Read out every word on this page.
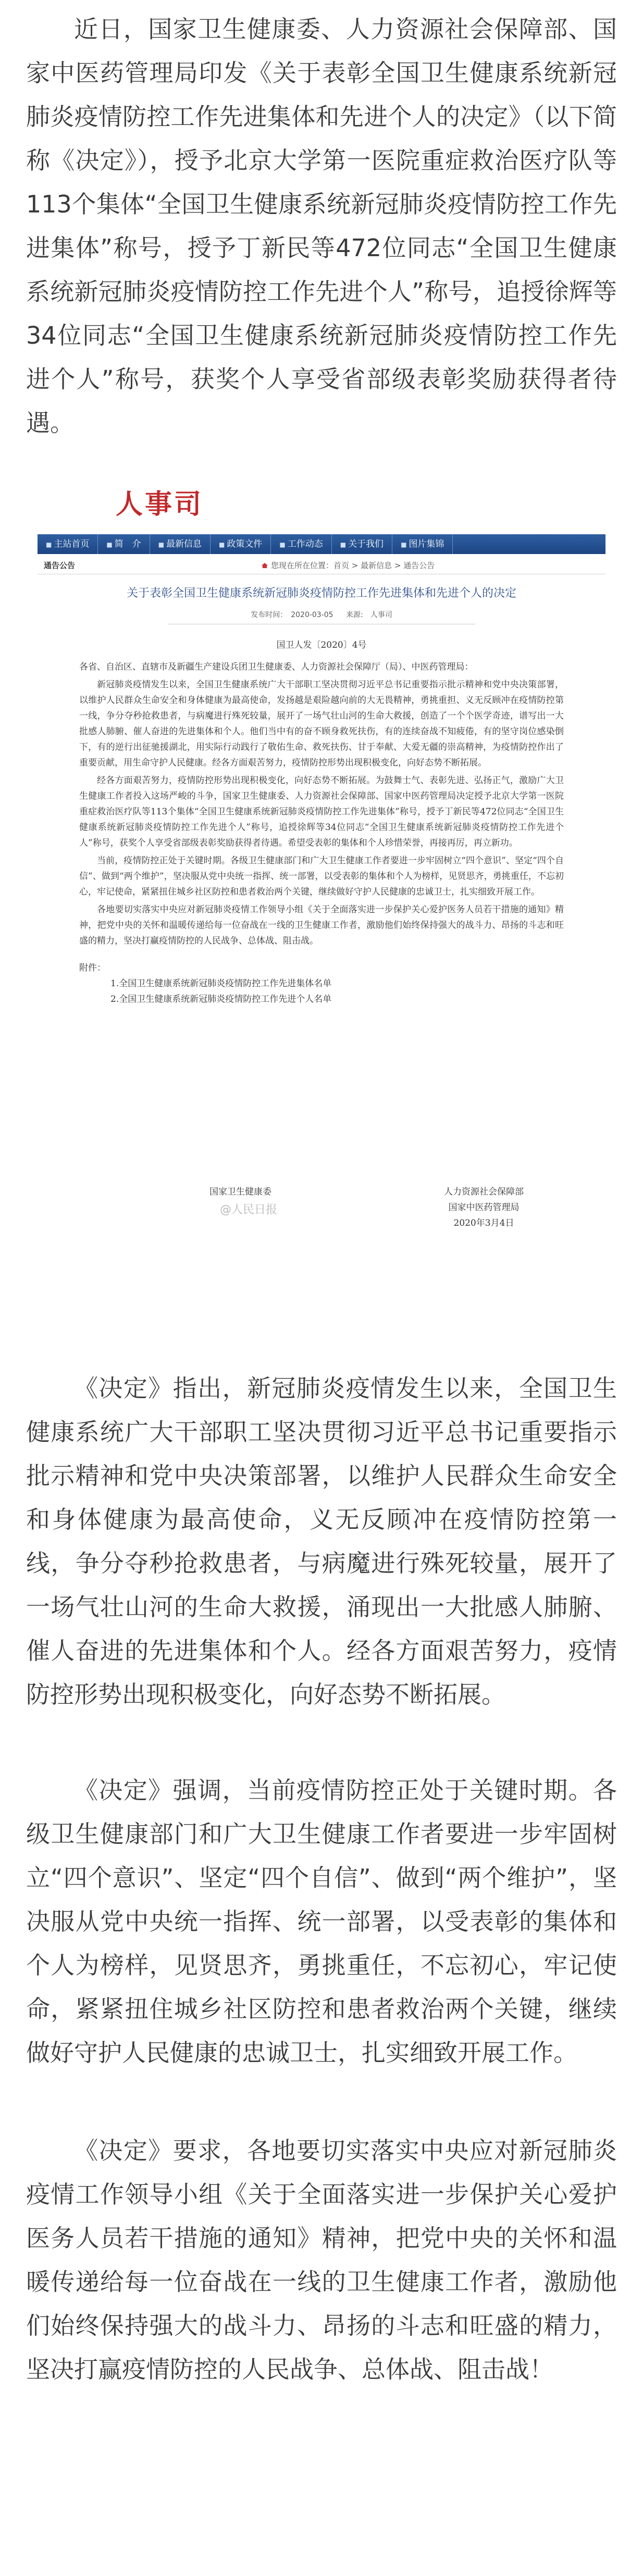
近日，国家卫生健康委、人力资源社会保障部、国家中医药管理局印发《关于表彰全国卫生健康系统新冠肺炎疫情防控工作先进集体和先进个人的决定》（以下简称《决定》），授予北京大学第一医院重症救治医疗队等113个集体“全国卫生健康系统新冠肺炎疫情防控工作先进集体”称号，授予丁新民等472位同志“全国卫生健康系统新冠肺炎疫情防控工作先进个人”称号，追授徐辉等34位同志“全国卫生健康系统新冠肺炎疫情防控工作先进个人”称号，获奖个人享受省部级表彰奖励获得者待遇。

人事司
■ 主站首页	■ 简　介	■ 最新信息	■ 政策文件	■ 工作动态	■ 关于我们	■ 图片集锦
通告公告	您现在所在位置：首页 > 最新信息 > 通告公告
关于表彰全国卫生健康系统新冠肺炎疫情防控工作先进集体和先进个人的决定
发布时间：　2020-03-05 来源:　人事司
国卫人发〔2020〕4号

各省、自治区、直辖市及新疆生产建设兵团卫生健康委、人力资源社会保障厅（局）、中医药管理局：

新冠肺炎疫情发生以来，全国卫生健康系统广大干部职工坚决贯彻习近平总书记重要指示批示精神和党中央决策部署，以维护人民群众生命安全和身体健康为最高使命，发扬越是艰险越向前的大无畏精神，勇挑重担、义无反顾冲在疫情防控第一线，争分夺秒抢救患者，与病魔进行殊死较量，展开了一场气壮山河的生命大救援，创造了一个个医学奇迹，谱写出一大批感人肺腑、催人奋进的先进集体和个人。他们当中有的奋不顾身救死扶伤，有的连续奋战不知疲倦，有的坚守岗位感染倒下，有的逆行出征驰援湖北，用实际行动践行了敬佑生命、救死扶伤、甘于奉献、大爱无疆的崇高精神，为疫情防控作出了重要贡献，用生命守护人民健康。经各方面艰苦努力，疫情防控形势出现积极变化，向好态势不断拓展。

经各方面艰苦努力，疫情防控形势出现积极变化，向好态势不断拓展。为鼓舞士气、表彰先进、弘扬正气，激励广大卫生健康工作者投入这场严峻的斗争，国家卫生健康委、人力资源社会保障部、国家中医药管理局决定授予北京大学第一医院重症救治医疗队等113个集体“全国卫生健康系统新冠肺炎疫情防控工作先进集体”称号，授予丁新民等472位同志“全国卫生健康系统新冠肺炎疫情防控工作先进个人”称号，追授徐辉等34位同志“全国卫生健康系统新冠肺炎疫情防控工作先进个人”称号，获奖个人享受省部级表彰奖励获得者待遇。希望受表彰的集体和个人珍惜荣誉，再接再厉，再立新功。

当前，疫情防控正处于关键时期。各级卫生健康部门和广大卫生健康工作者要进一步牢固树立“四个意识”、坚定“四个自信”、做到“两个维护”，坚决服从党中央统一指挥、统一部署，以受表彰的集体和个人为榜样，见贤思齐，勇挑重任，不忘初心，牢记使命，紧紧扭住城乡社区防控和患者救治两个关键，继续做好守护人民健康的忠诚卫士，扎实细致开展工作。

各地要切实落实中央应对新冠肺炎疫情工作领导小组《关于全面落实进一步保护关心爱护医务人员若干措施的通知》精神，把党中央的关怀和温暖传递给每一位奋战在一线的卫生健康工作者，激励他们始终保持强大的战斗力、昂扬的斗志和旺盛的精力，坚决打赢疫情防控的人民战争、总体战、阻击战。

附件：
1.全国卫生健康系统新冠肺炎疫情防控工作先进集体名单
2.全国卫生健康系统新冠肺炎疫情防控工作先进个人名单
国家卫生健康委	人力资源社会保障部
国家中医药管理局
2020年3月4日
@人民日报

《决定》指出，新冠肺炎疫情发生以来，全国卫生健康系统广大干部职工坚决贯彻习近平总书记重要指示批示精神和党中央决策部署，以维护人民群众生命安全和身体健康为最高使命，义无反顾冲在疫情防控第一线，争分夺秒抢救患者，与病魔进行殊死较量，展开了一场气壮山河的生命大救援，涌现出一大批感人肺腑、催人奋进的先进集体和个人。经各方面艰苦努力，疫情防控形势出现积极变化，向好态势不断拓展。

《决定》强调，当前疫情防控正处于关键时期。各级卫生健康部门和广大卫生健康工作者要进一步牢固树立“四个意识”、坚定“四个自信”、做到“两个维护”，坚决服从党中央统一指挥、统一部署，以受表彰的集体和个人为榜样，见贤思齐，勇挑重任，不忘初心，牢记使命，紧紧扭住城乡社区防控和患者救治两个关键，继续做好守护人民健康的忠诚卫士，扎实细致开展工作。

《决定》要求，各地要切实落实中央应对新冠肺炎疫情工作领导小组《关于全面落实进一步保护关心爱护医务人员若干措施的通知》精神，把党中央的关怀和温暖传递给每一位奋战在一线的卫生健康工作者，激励他们始终保持强大的战斗力、昂扬的斗志和旺盛的精力，坚决打赢疫情防控的人民战争、总体战、阻击战！
